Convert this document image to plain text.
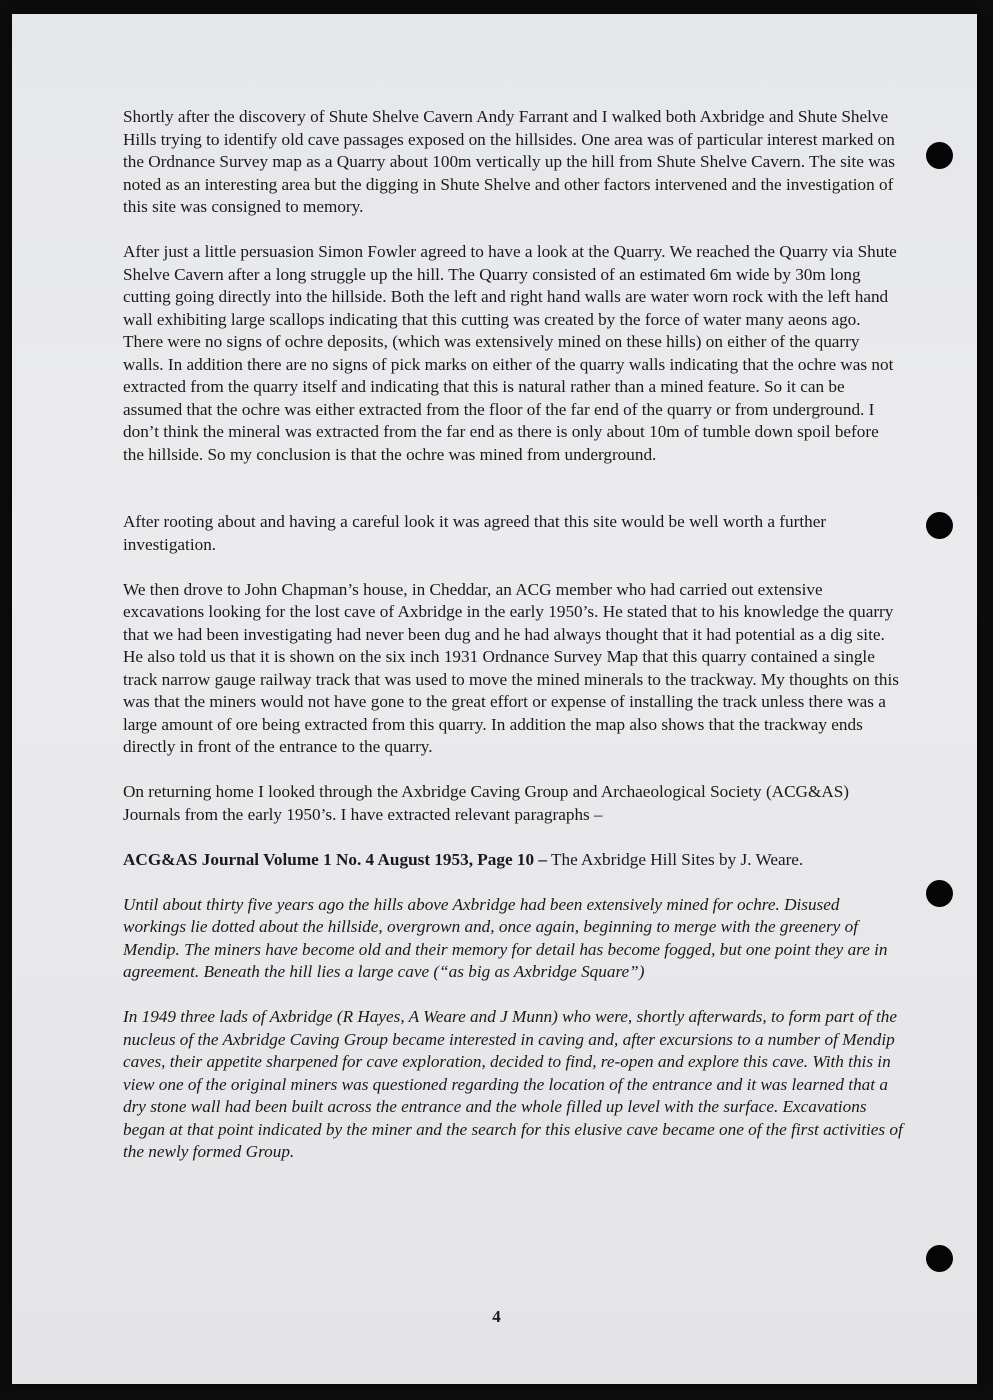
Shortly after the discovery of Shute Shelve Cavern Andy Farrant and I walked both Axbridge and Shute Shelve Hills trying to identify old cave passages exposed on the hillsides. One area was of particular interest marked on the Ordnance Survey map as a Quarry about 100m vertically up the hill from Shute Shelve Cavern. The site was noted as an interesting area but the digging in Shute Shelve and other factors intervened and the investigation of this site was consigned to memory.

After just a little persuasion Simon Fowler agreed to have a look at the Quarry. We reached the Quarry via Shute Shelve Cavern after a long struggle up the hill. The Quarry consisted of an estimated 6m wide by 30m long cutting going directly into the hillside. Both the left and right hand walls are water worn rock with the left hand wall exhibiting large scallops indicating that this cutting was created by the force of water many aeons ago. There were no signs of ochre deposits, (which was extensively mined on these hills) on either of the quarry walls. In addition there are no signs of pick marks on either of the quarry walls indicating that the ochre was not extracted from the quarry itself and indicating that this is natural rather than a mined feature. So it can be assumed that the ochre was either extracted from the floor of the far end of the quarry or from underground. I don’t think the mineral was extracted from the far end as there is only about 10m of tumble down spoil before the hillside. So my conclusion is that the ochre was mined from underground.

After rooting about and having a careful look it was agreed that this site would be well worth a further investigation.

We then drove to John Chapman’s house, in Cheddar, an ACG member who had carried out extensive excavations looking for the lost cave of Axbridge in the early 1950’s. He stated that to his knowledge the quarry that we had been investigating had never been dug and he had always thought that it had potential as a dig site. He also told us that it is shown on the six inch 1931 Ordnance Survey Map that this quarry contained a single track narrow gauge railway track that was used to move the mined minerals to the trackway. My thoughts on this was that the miners would not have gone to the great effort or expense of installing the track unless there was a large amount of ore being extracted from this quarry. In addition the map also shows that the trackway ends directly in front of the entrance to the quarry.

On returning home I looked through the Axbridge Caving Group and Archaeological Society (ACG&AS) Journals from the early 1950’s. I have extracted relevant paragraphs –

ACG&AS Journal Volume 1 No. 4 August 1953, Page 10 – The Axbridge Hill Sites by J. Weare.

Until about thirty five years ago the hills above Axbridge had been extensively mined for ochre. Disused workings lie dotted about the hillside, overgrown and, once again, beginning to merge with the greenery of Mendip. The miners have become old and their memory for detail has become fogged, but one point they are in agreement. Beneath the hill lies a large cave (“as big as Axbridge Square”)

In 1949 three lads of Axbridge (R Hayes, A Weare and J Munn) who were, shortly afterwards, to form part of the nucleus of the Axbridge Caving Group became interested in caving and, after excursions to a number of Mendip caves, their appetite sharpened for cave exploration, decided to find, re-open and explore this cave. With this in view one of the original miners was questioned regarding the location of the entrance and it was learned that a dry stone wall had been built across the entrance and the whole filled up level with the surface. Excavations began at that point indicated by the miner and the search for this elusive cave became one of the first activities of the newly formed Group.

4
